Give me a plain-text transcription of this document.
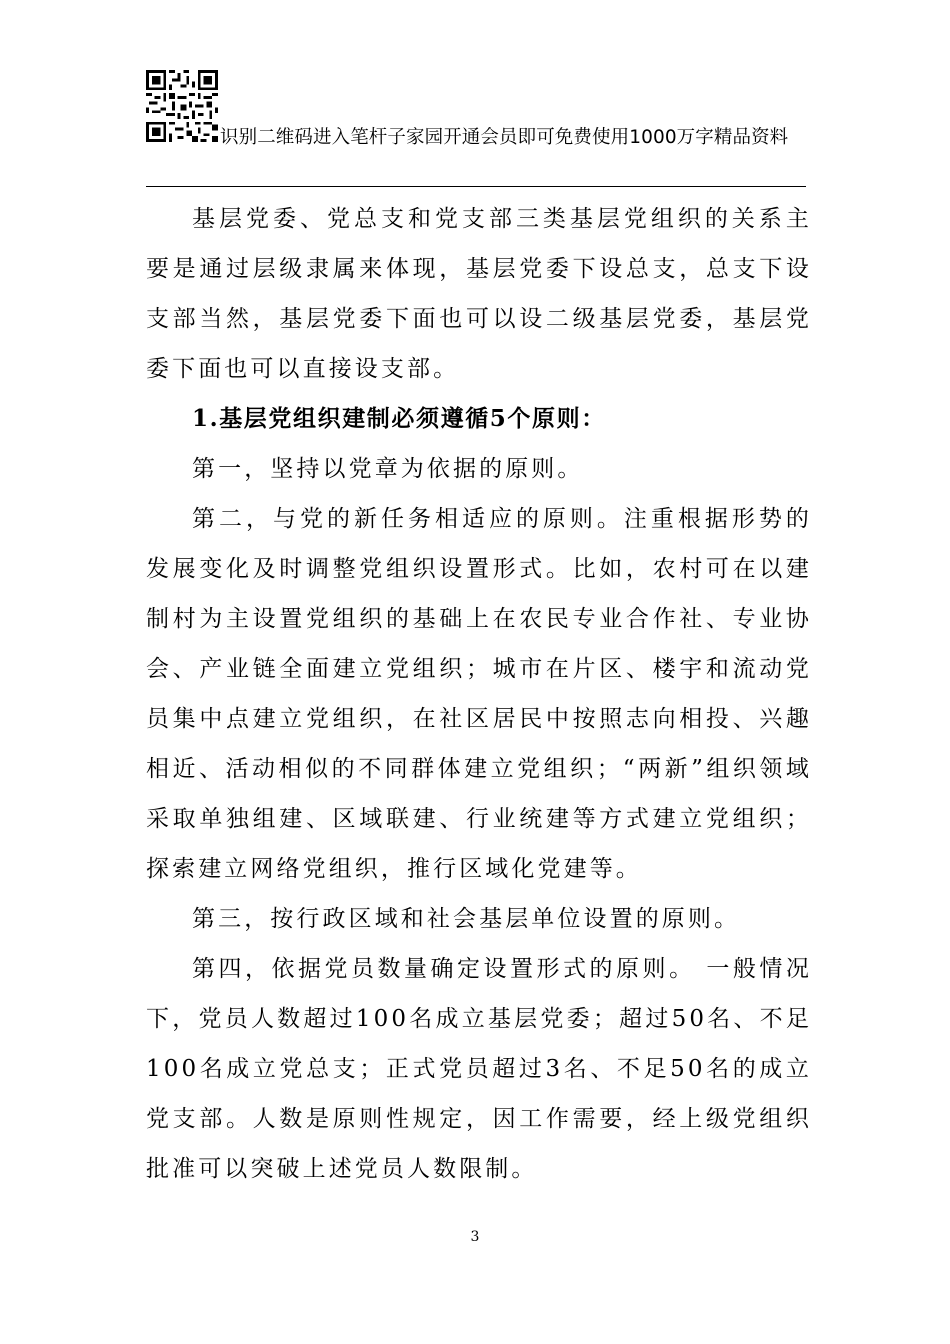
识别二维码进入笔杆子家园开通会员即可免费使用1000万字精品资料

基层党委、党总支和党支部三类基层党组织的关系主要是通过层级隶属来体现，基层党委下设总支，总支下设支部当然，基层党委下面也可以设二级基层党委，基层党委下面也可以直接设支部。

1.基层党组织建制必须遵循5个原则：

第一，坚持以党章为依据的原则。

第二，与党的新任务相适应的原则。注重根据形势的发展变化及时调整党组织设置形式。比如，农村可在以建制村为主设置党组织的基础上在农民专业合作社、专业协会、产业链全面建立党组织；城市在片区、楼宇和流动党员集中点建立党组织，在社区居民中按照志向相投、兴趣相近、活动相似的不同群体建立党组织；“两新”组织领域采取单独组建、区域联建、行业统建等方式建立党组织；探索建立网络党组织，推行区域化党建等。

第三，按行政区域和社会基层单位设置的原则。

第四，依据党员数量确定设置形式的原则。 一般情况下，党员人数超过100名成立基层党委；超过50名、不足100名成立党总支；正式党员超过3名、不足50名的成立党支部。人数是原则性规定，因工作需要，经上级党组织批准可以突破上述党员人数限制。

3
